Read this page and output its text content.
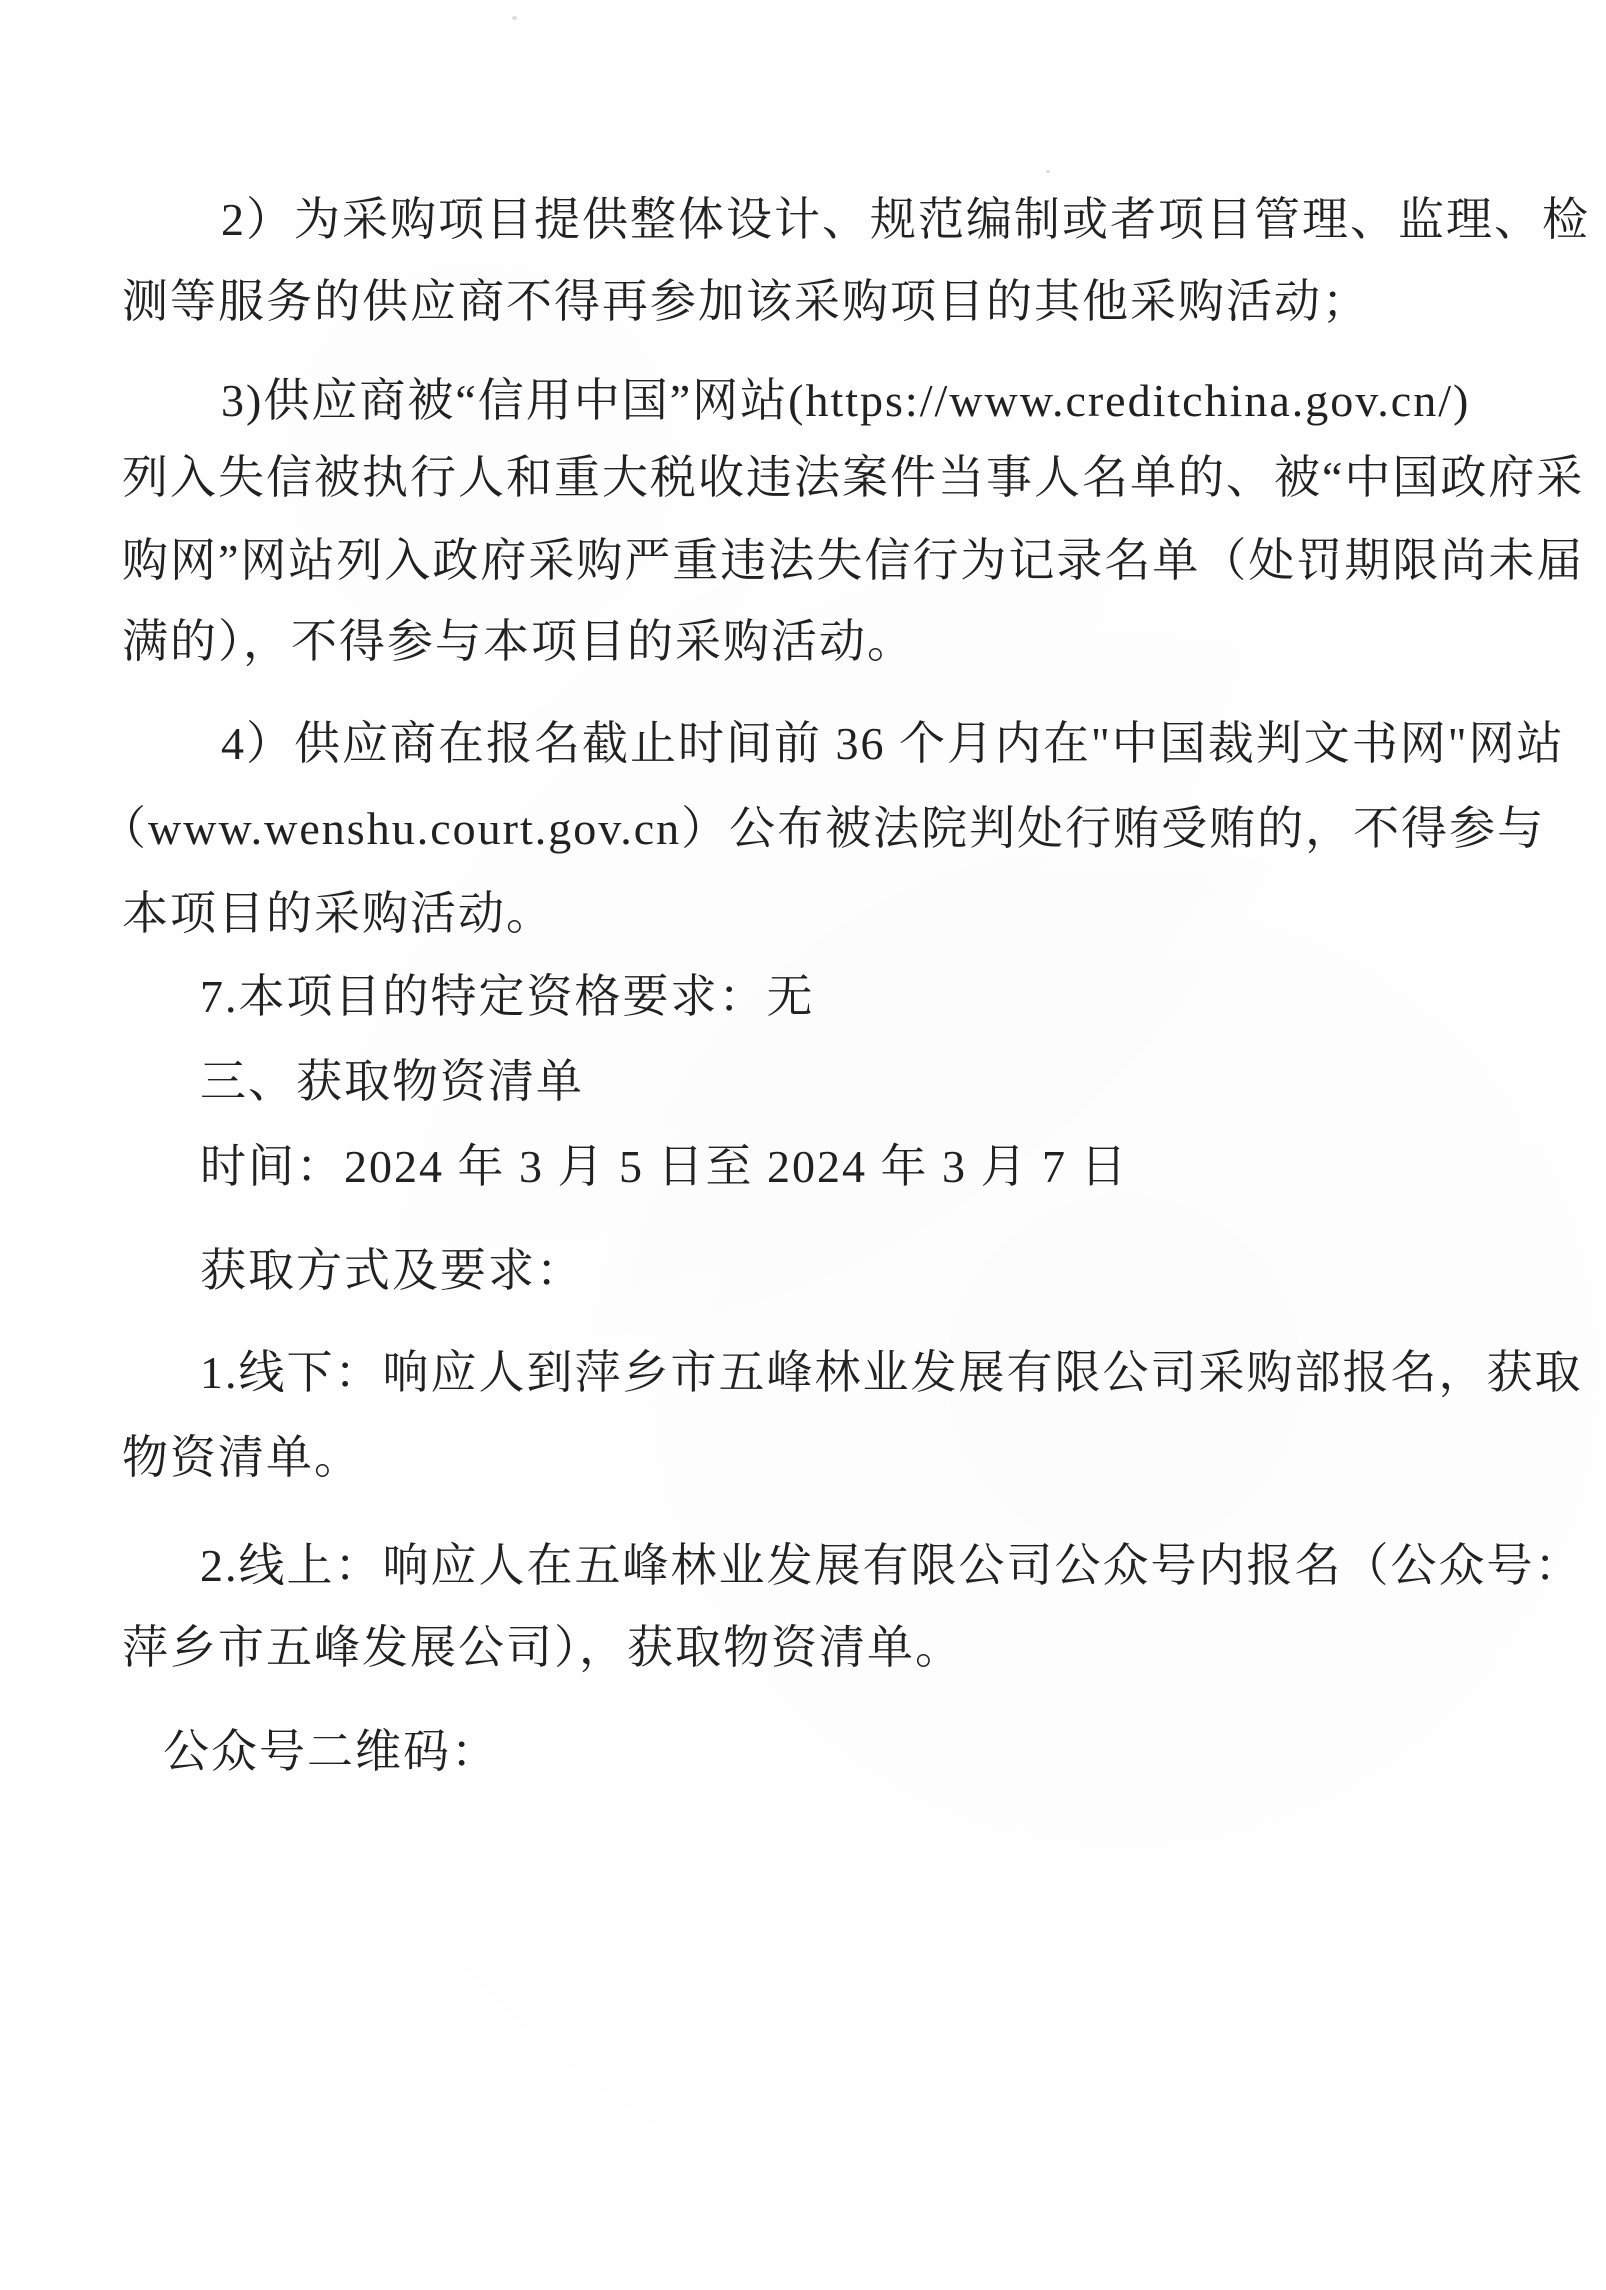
2）为采购项目提供整体设计、规范编制或者项目管理、监理、检
测等服务的供应商不得再参加该采购项目的其他采购活动；
3)供应商被“信用中国”网站(https://www.creditchina.gov.cn/)
列入失信被执行人和重大税收违法案件当事人名单的、被“中国政府采
购网”网站列入政府采购严重违法失信行为记录名单（处罚期限尚未届
满的），不得参与本项目的采购活动。
4）供应商在报名截止时间前 36 个月内在"中国裁判文书网"网站
（www.wenshu.court.gov.cn）公布被法院判处行贿受贿的，不得参与
本项目的采购活动。
7.本项目的特定资格要求：无
三、获取物资清单
时间：2024 年 3 月 5 日至 2024 年 3 月 7 日
获取方式及要求：
1.线下：响应人到萍乡市五峰林业发展有限公司采购部报名，获取
物资清单。
2.线上：响应人在五峰林业发展有限公司公众号内报名（公众号：
萍乡市五峰发展公司），获取物资清单。
公众号二维码：
